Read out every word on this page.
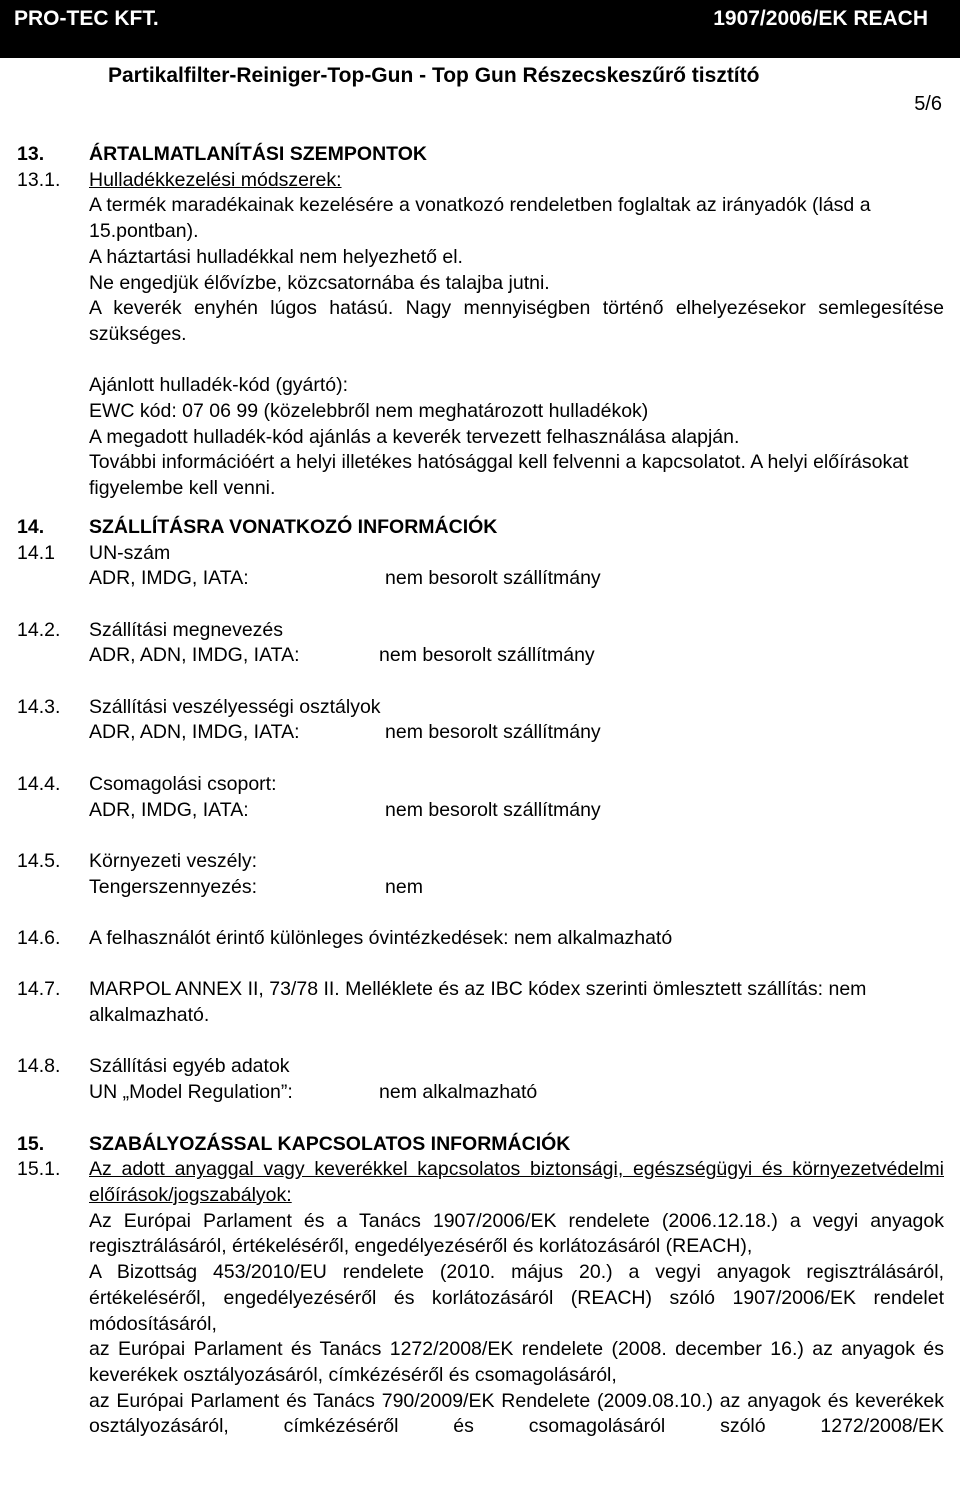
PRO-TEC KFT.	1907/2006/EK REACH
Partikalfilter-Reiniger-Top-Gun - Top Gun Részecskeszűrő tisztító
5/6
13.	ÁRTALMATLANÍTÁSI SZEMPONTOK
13.1.	Hulladékkezelési módszerek:
A termék maradékainak kezelésére a vonatkozó rendeletben foglaltak az irányadók (lásd a 15.pontban).
A háztartási hulladékkal nem helyezhető el.
Ne engedjük élővízbe, közcsatornába és talajba jutni.
A keverék enyhén lúgos hatású. Nagy mennyiségben történő elhelyezésekor semlegesítése szükséges.
Ajánlott hulladék-kód (gyártó):
EWC kód: 07 06 99 (közelebbről nem meghatározott hulladékok)
A megadott hulladék-kód ajánlás a keverék tervezett felhasználása alapján.
További információért a helyi illetékes hatósággal kell felvenni a kapcsolatot. A helyi előírásokat figyelembe kell venni.
14.	SZÁLLÍTÁSRA VONATKOZÓ INFORMÁCIÓK
14.1	UN-szám
ADR, IMDG, IATA:	nem besorolt szállítmány
14.2.	Szállítási megnevezés
ADR, ADN, IMDG, IATA:	nem besorolt szállítmány
14.3.	Szállítási veszélyességi osztályok
ADR, ADN, IMDG, IATA:	nem besorolt szállítmány
14.4.	Csomagolási csoport:
ADR, IMDG, IATA:	nem besorolt szállítmány
14.5.	Környezeti veszély:
Tengerszennyezés:	nem
14.6.	A felhasználót érintő különleges óvintézkedések: nem alkalmazható
14.7.	MARPOL ANNEX II, 73/78 II. Melléklete és az IBC kódex szerinti ömlesztett szállítás: nem alkalmazható.
14.8.	Szállítási egyéb adatok
UN „Model Regulation”:	nem alkalmazható
15.	SZABÁLYOZÁSSAL KAPCSOLATOS INFORMÁCIÓK
15.1.	Az adott anyaggal vagy keverékkel kapcsolatos biztonsági, egészségügyi és környezetvédelmi előírások/jogszabályok:
Az Európai Parlament és a Tanács 1907/2006/EK rendelete (2006.12.18.) a vegyi anyagok regisztrálásáról, értékeléséről, engedélyezéséről és korlátozásáról (REACH),
A Bizottság 453/2010/EU rendelete (2010. május 20.) a vegyi anyagok regisztrálásáról, értékeléséről, engedélyezéséről és korlátozásáról (REACH) szóló 1907/2006/EK rendelet módosításáról,
az Európai Parlament és Tanács 1272/2008/EK rendelete (2008. december 16.) az anyagok és keverékek osztályozásáról, címkézéséről és csomagolásáról,
az Európai Parlament és Tanács 790/2009/EK Rendelete (2009.08.10.) az anyagok és keverékek osztályozásáról, címkézéséről és csomagolásáról szóló 1272/2008/EK
